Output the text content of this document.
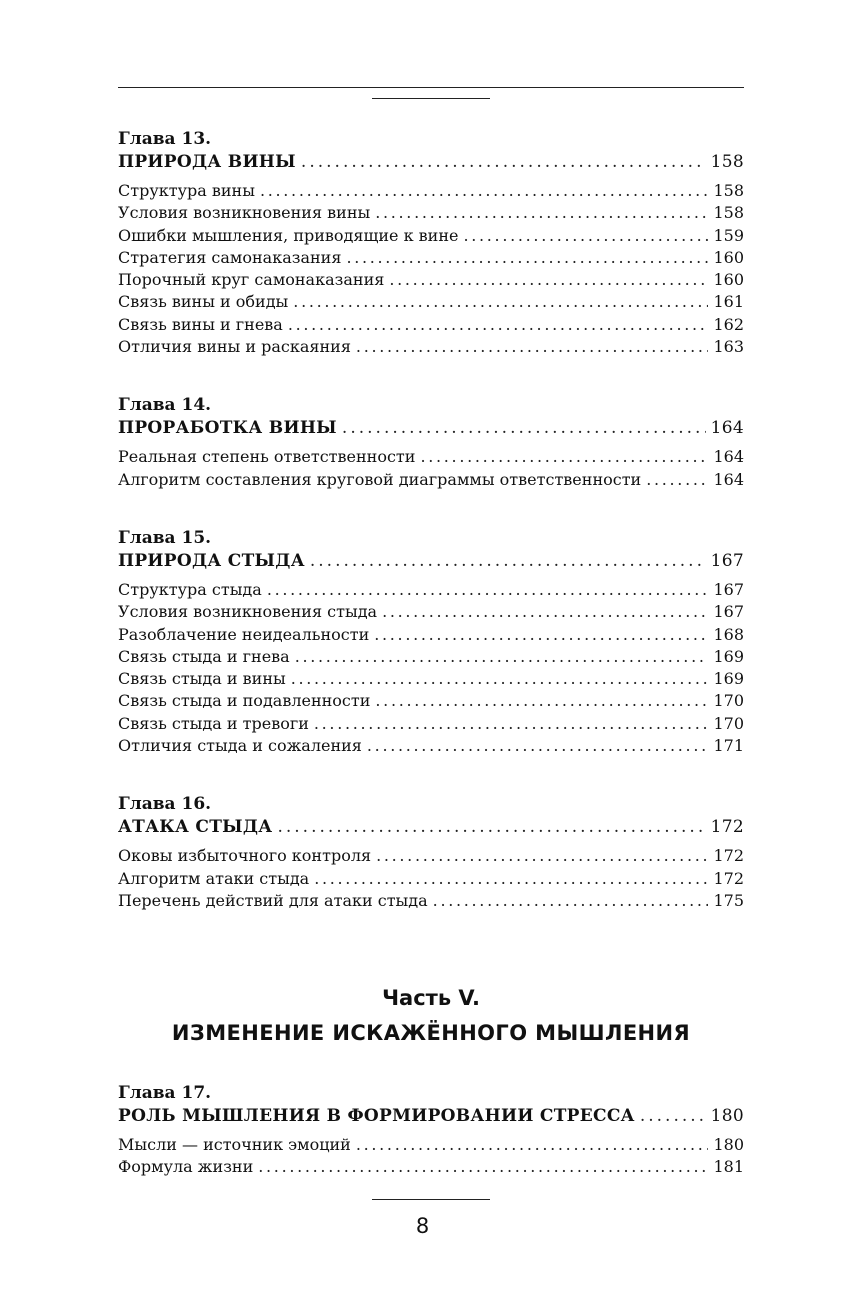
Глава 13.
ПРИРОДА ВИНЫ . . .	158
Структура вины . . .	158
Условия возникновения вины . . .	158
Ошибки мышления, приводящие к вине . . .	159
Стратегия самонаказания . . .	160
Порочный круг самонаказания . . .	160
Связь вины и обиды . . .	161
Связь вины и гнева . . .	162
Отличия вины и раскаяния . . .	163
Глава 14.
ПРОРАБОТКА ВИНЫ . . .	164
Реальная степень ответственности . . .	164
Алгоритм составления круговой диаграммы ответственности . . .	164
Глава 15.
ПРИРОДА СТЫДА . . .	167
Структура стыда . . .	167
Условия возникновения стыда . . .	167
Разоблачение неидеальности . . .	168
Связь стыда и гнева . . .	169
Связь стыда и вины . . .	169
Связь стыда и подавленности . . .	170
Связь стыда и тревоги . . .	170
Отличия стыда и сожаления . . .	171
Глава 16.
АТАКА СТЫДА . . .	172
Оковы избыточного контроля . . .	172
Алгоритм атаки стыда . . .	172
Перечень действий для атаки стыда . . .	175
Часть V.
ИЗМЕНЕНИЕ ИСКАЖЁННОГО МЫШЛЕНИЯ
Глава 17.
РОЛЬ МЫШЛЕНИЯ В ФОРМИРОВАНИИ СТРЕССА . . .	180
Мысли — источник эмоций . . .	180
Формула жизни . . .	181
8
